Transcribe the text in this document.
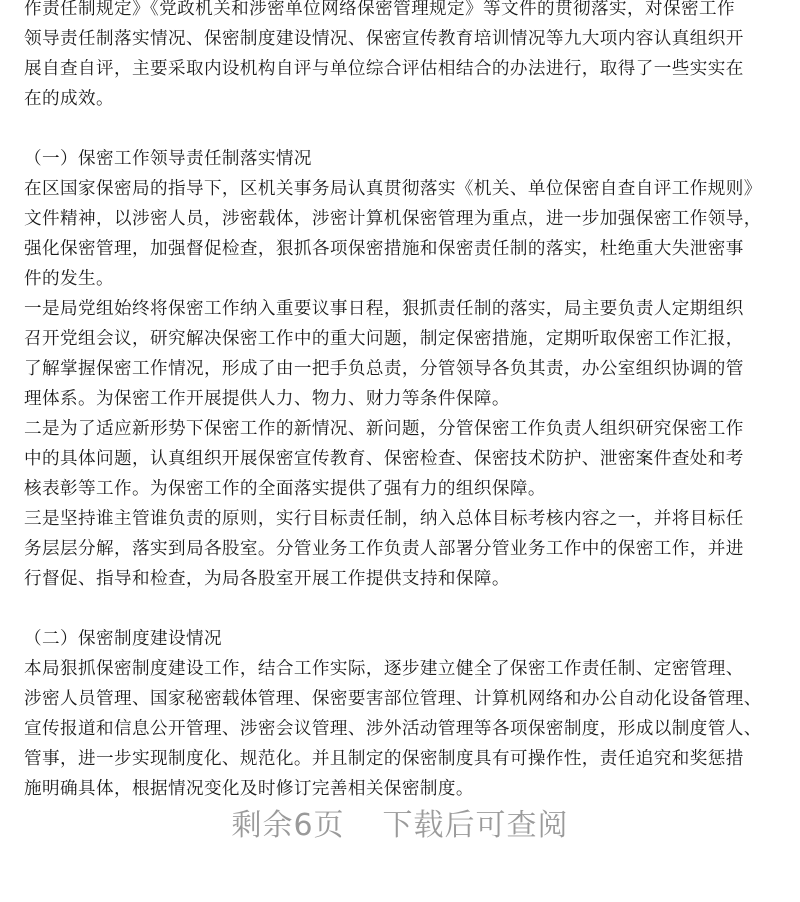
作责任制规定》《党政机关和涉密单位网络保密管理规定》等文件的贯彻落实，对保密工作

领导责任制落实情况、保密制度建设情况、保密宣传教育培训情况等九大项内容认真组织开

展自查自评，主要采取内设机构自评与单位综合评估相结合的办法进行，取得了一些实实在

在的成效。

（一）保密工作领导责任制落实情况

在区国家保密局的指导下，区机关事务局认真贯彻落实《机关、单位保密自查自评工作规则》

文件精神，以涉密人员，涉密载体，涉密计算机保密管理为重点，进一步加强保密工作领导，

强化保密管理，加强督促检查，狠抓各项保密措施和保密责任制的落实，杜绝重大失泄密事

件的发生。

一是局党组始终将保密工作纳入重要议事日程，狠抓责任制的落实，局主要负责人定期组织

召开党组会议，研究解决保密工作中的重大问题，制定保密措施，定期听取保密工作汇报，

了解掌握保密工作情况，形成了由一把手负总责，分管领导各负其责，办公室组织协调的管

理体系。为保密工作开展提供人力、物力、财力等条件保障。

二是为了适应新形势下保密工作的新情况、新问题，分管保密工作负责人组织研究保密工作

中的具体问题，认真组织开展保密宣传教育、保密检查、保密技术防护、泄密案件查处和考

核表彰等工作。为保密工作的全面落实提供了强有力的组织保障。

三是坚持谁主管谁负责的原则，实行目标责任制，纳入总体目标考核内容之一，并将目标任

务层层分解，落实到局各股室。分管业务工作负责人部署分管业务工作中的保密工作，并进

行督促、指导和检查，为局各股室开展工作提供支持和保障。

（二）保密制度建设情况

本局狠抓保密制度建设工作，结合工作实际，逐步建立健全了保密工作责任制、定密管理、

涉密人员管理、国家秘密载体管理、保密要害部位管理、计算机网络和办公自动化设备管理、

宣传报道和信息公开管理、涉密会议管理、涉外活动管理等各项保密制度，形成以制度管人、

管事，进一步实现制度化、规范化。并且制定的保密制度具有可操作性，责任追究和奖惩措

施明确具体，根据情况变化及时修订完善相关保密制度。

剩余6页 下载后可查阅
